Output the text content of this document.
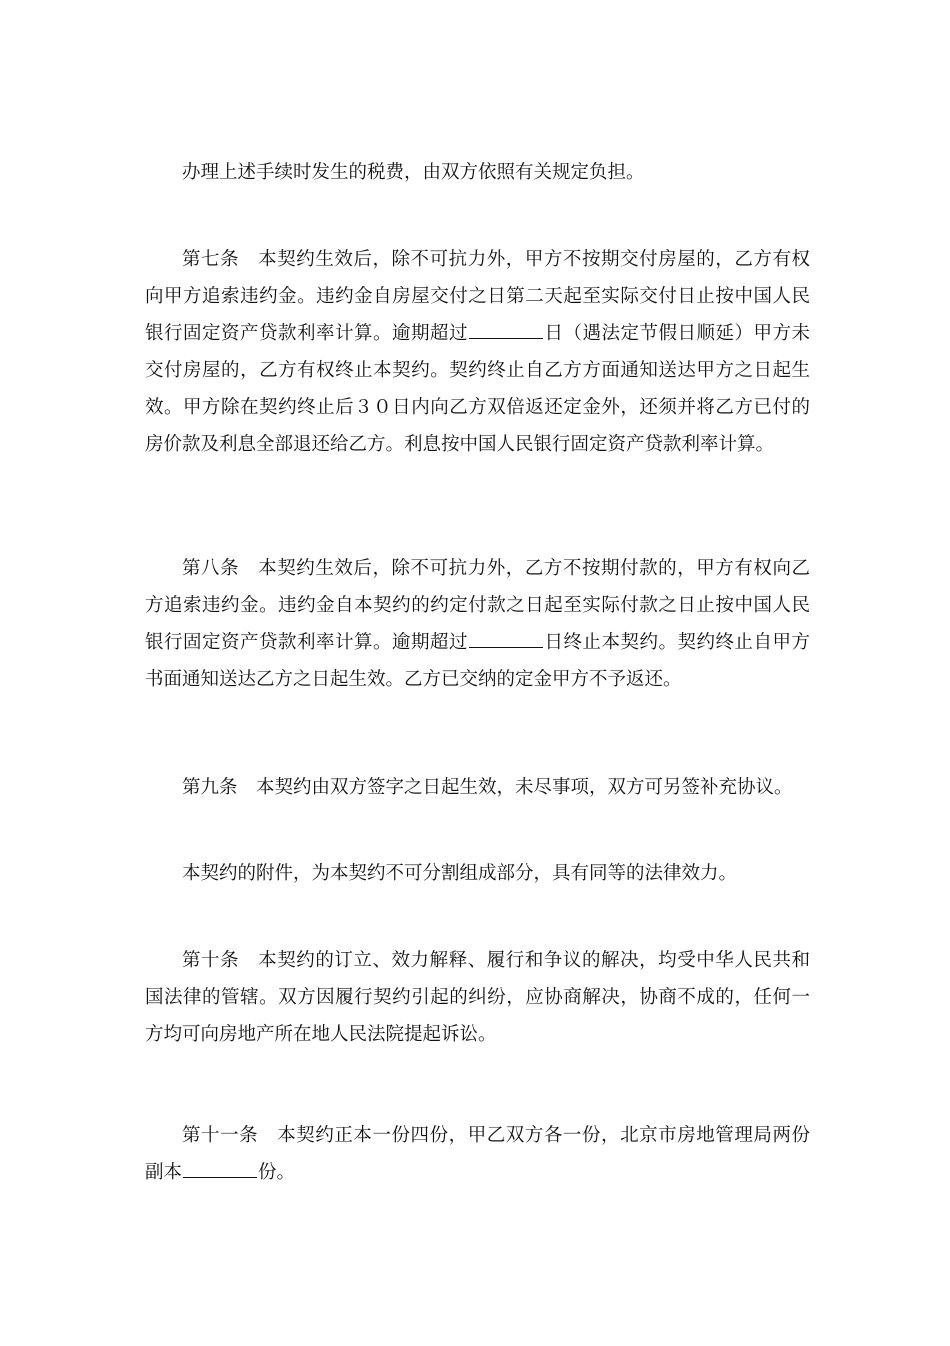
办理上述手续时发生的税费，由双方依照有关规定负担。

第七条　本契约生效后，除不可抗力外，甲方不按期交付房屋的，乙方有权向甲方追索违约金。违约金自房屋交付之日第二天起至实际交付日止按中国人民银行固定资产贷款利率计算。逾期超过	日（遇法定节假日顺延）甲方未交付房屋的，乙方有权终止本契约。契约终止自乙方方面通知送达甲方之日起生效。甲方除在契约终止后３０日内向乙方双倍返还定金外，还须并将乙方已付的房价款及利息全部退还给乙方。利息按中国人民银行固定资产贷款利率计算。

第八条　本契约生效后，除不可抗力外，乙方不按期付款的，甲方有权向乙方追索违约金。违约金自本契约的约定付款之日起至实际付款之日止按中国人民银行固定资产贷款利率计算。逾期超过	日终止本契约。契约终止自甲方书面通知送达乙方之日起生效。乙方已交纳的定金甲方不予返还。

第九条　本契约由双方签字之日起生效，未尽事项，双方可另签补充协议。

本契约的附件，为本契约不可分割组成部分，具有同等的法律效力。

第十条　本契约的订立、效力解释、履行和争议的解决，均受中华人民共和国法律的管辖。双方因履行契约引起的纠纷，应协商解决，协商不成的，任何一方均可向房地产所在地人民法院提起诉讼。

第十一条　本契约正本一份四份，甲乙双方各一份，北京市房地管理局两份副本	份。
